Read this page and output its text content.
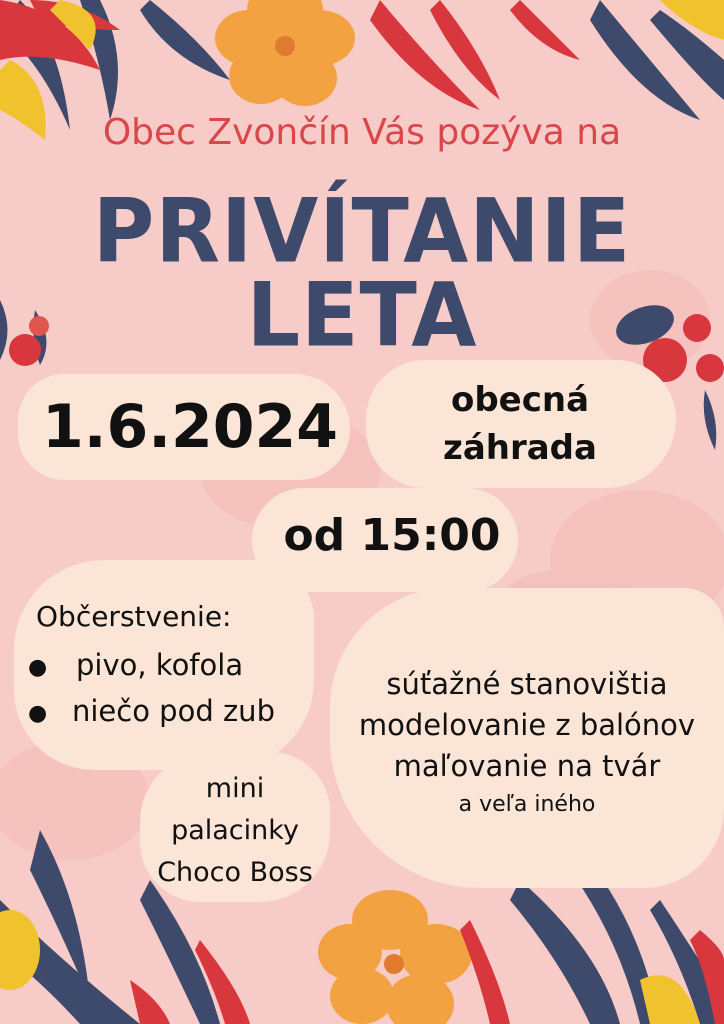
Obec Zvončín Vás pozýva na
PRIVÍTANIE
LETA
1.6.2024	obecná
záhrada
od 15:00
Občerstvenie:
● pivo, kofola
● niečo pod zub
mini
palacinky
Choco Boss
súťažné stanovištia
modelovanie z balónov
maľovanie na tvár
a veľa iného
